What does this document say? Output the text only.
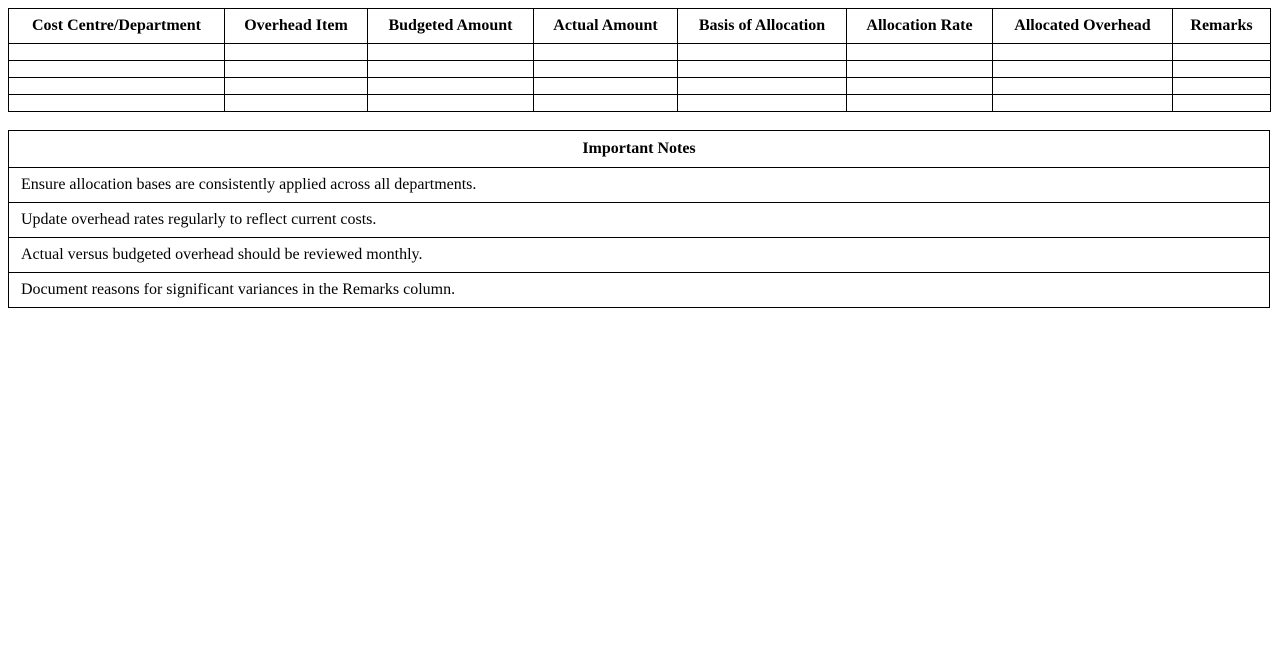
Cost Centre/Department	Overhead Item	Budgeted Amount	Actual Amount	Basis of Allocation	Allocation Rate	Allocated Overhead	Remarks

Important Notes
Ensure allocation bases are consistently applied across all departments.
Update overhead rates regularly to reflect current costs.
Actual versus budgeted overhead should be reviewed monthly.
Document reasons for significant variances in the Remarks column.
